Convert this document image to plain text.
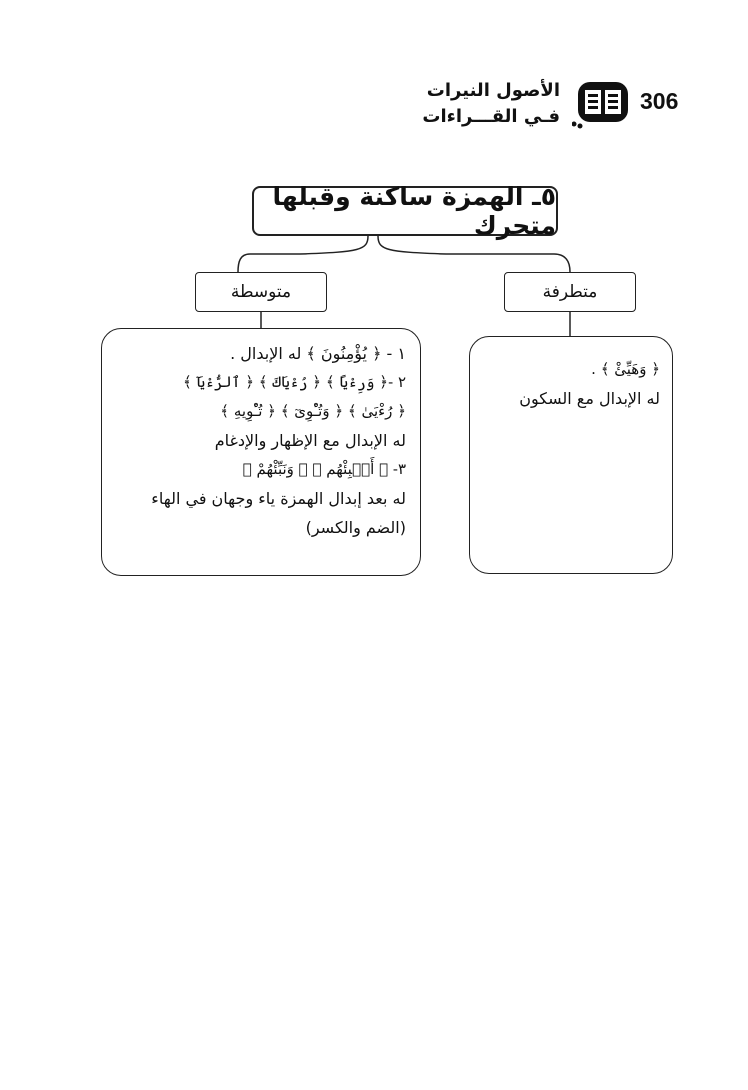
306
الأصول النيرات
فـي القـــراءات
٥ـ الهمزة ساكنة وقبلها متحرك
متوسطة	متطرفة
١ - ﴿ يُؤْمِنُونَ ﴾ له الإبدال .
٢ -﴿ وَرِءْيًا ﴾ ﴿ رُءْيَاكَ ﴾ ﴿ ٱلرُّءْيَآ ﴾
﴿ رُءْيَىٰ ﴾ ﴿ وَتُـْٔوِىٓ ﴾ ﴿ تُـْٔوِيهِ ﴾
له الإبدال مع الإظهار والإدغام
٣- ﴿ أَنۢبِئْهُم ﴾ ﴿ وَنَبِّئْهُمْ ﴾
له بعد إبدال الهمزة ياء وجهان في الهاء
(الضم والكسر)
﴿ وَهَيِّئْ ﴾ .
له الإبدال مع السكون
